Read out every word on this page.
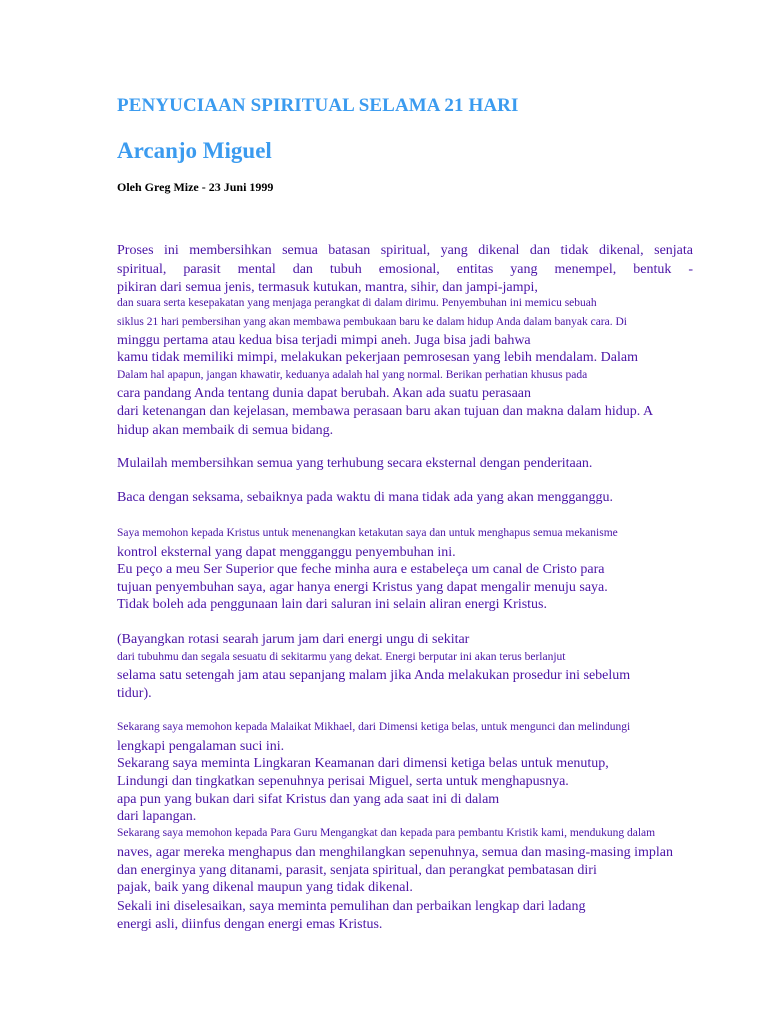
PENYUCIAAN SPIRITUAL SELAMA 21 HARI
Arcanjo Miguel

Oleh Greg Mize - 23 Juni 1999

Proses ini membersihkan semua batasan spiritual, yang dikenal dan tidak dikenal, senjata

spiritual, parasit mental dan tubuh emosional, entitas yang menempel, bentuk -

pikiran dari semua jenis, termasuk kutukan, mantra, sihir, dan jampi-jampi,

dan suara serta kesepakatan yang menjaga perangkat di dalam dirimu. Penyembuhan ini memicu sebuah

siklus 21 hari pembersihan yang akan membawa pembukaan baru ke dalam hidup Anda dalam banyak cara. Di

minggu pertama atau kedua bisa terjadi mimpi aneh. Juga bisa jadi bahwa

kamu tidak memiliki mimpi, melakukan pekerjaan pemrosesan yang lebih mendalam. Dalam

Dalam hal apapun, jangan khawatir, keduanya adalah hal yang normal. Berikan perhatian khusus pada

cara pandang Anda tentang dunia dapat berubah. Akan ada suatu perasaan

dari ketenangan dan kejelasan, membawa perasaan baru akan tujuan dan makna dalam hidup. A

hidup akan membaik di semua bidang.

Mulailah membersihkan semua yang terhubung secara eksternal dengan penderitaan.

Baca dengan seksama, sebaiknya pada waktu di mana tidak ada yang akan mengganggu.

Saya memohon kepada Kristus untuk menenangkan ketakutan saya dan untuk menghapus semua mekanisme

kontrol eksternal yang dapat mengganggu penyembuhan ini.

Eu peço a meu Ser Superior que feche minha aura e estabeleça um canal de Cristo para

tujuan penyembuhan saya, agar hanya energi Kristus yang dapat mengalir menuju saya.

Tidak boleh ada penggunaan lain dari saluran ini selain aliran energi Kristus.

(Bayangkan rotasi searah jarum jam dari energi ungu di sekitar

dari tubuhmu dan segala sesuatu di sekitarmu yang dekat. Energi berputar ini akan terus berlanjut

selama satu setengah jam atau sepanjang malam jika Anda melakukan prosedur ini sebelum

tidur).

Sekarang saya memohon kepada Malaikat Mikhael, dari Dimensi ketiga belas, untuk mengunci dan melindungi

lengkapi pengalaman suci ini.

Sekarang saya meminta Lingkaran Keamanan dari dimensi ketiga belas untuk menutup,

Lindungi dan tingkatkan sepenuhnya perisai Miguel, serta untuk menghapusnya.

apa pun yang bukan dari sifat Kristus dan yang ada saat ini di dalam

dari lapangan.

Sekarang saya memohon kepada Para Guru Mengangkat dan kepada para pembantu Kristik kami, mendukung dalam

naves, agar mereka menghapus dan menghilangkan sepenuhnya, semua dan masing-masing implan

dan energinya yang ditanami, parasit, senjata spiritual, dan perangkat pembatasan diri

pajak, baik yang dikenal maupun yang tidak dikenal.

Sekali ini diselesaikan, saya meminta pemulihan dan perbaikan lengkap dari ladang

energi asli, diinfus dengan energi emas Kristus.
